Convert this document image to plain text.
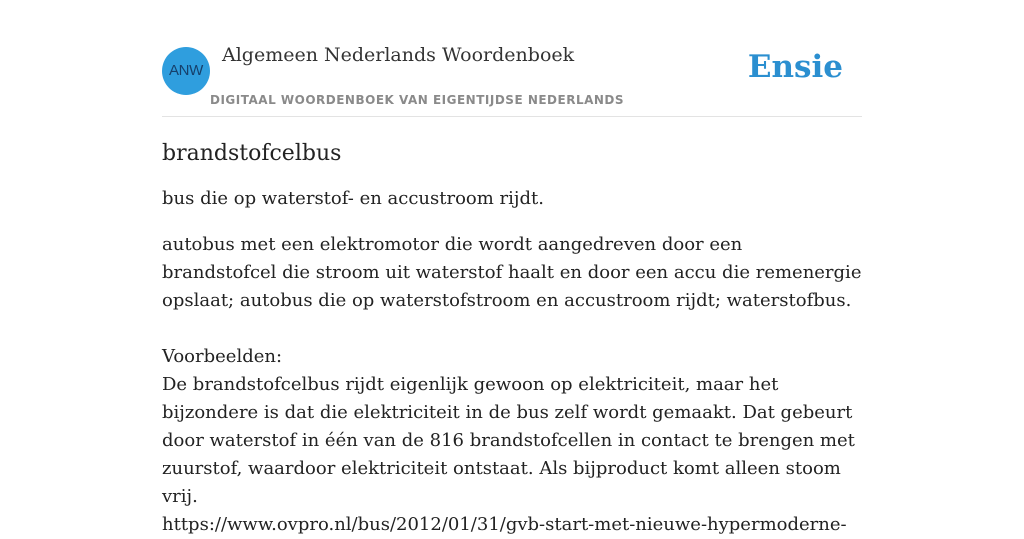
ANW
Algemeen Nederlands Woordenboek
DIGITAAL WOORDENBOEK VAN EIGENTIJDSE NEDERLANDS
Ensie
brandstofcelbus

bus die op waterstof- en accustroom rijdt.

autobus met een elektromotor die wordt aangedreven door een brandstofcel die stroom uit waterstof haalt en door een accu die remenergie opslaat; autobus die op waterstofstroom en accustroom rijdt; waterstofbus.

Voorbeelden:

De brandstofcelbus rijdt eigenlijk gewoon op elektriciteit, maar het bijzondere is dat die elektriciteit in de bus zelf wordt gemaakt. Dat gebeurt door waterstof in één van de 816 brandstofcellen in contact te brengen met zuurstof, waardoor elektriciteit ontstaat. Als bijproduct komt alleen stoom vrij.

https://www.ovpro.nl/bus/2012/01/31/gvb-start-met-nieuwe-hypermoderne-
